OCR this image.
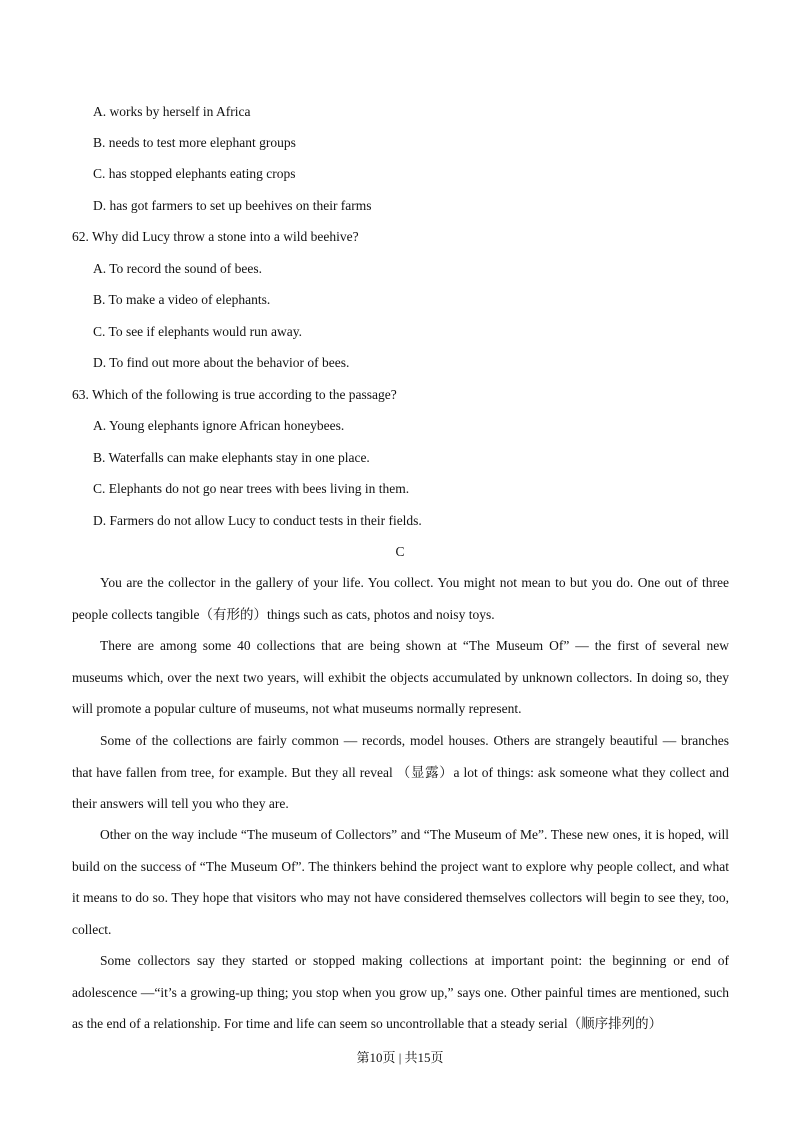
A. works by herself in Africa
B. needs to test more elephant groups
C. has stopped elephants eating crops
D. has got farmers to set up beehives on their farms
62. Why did Lucy throw a stone into a wild beehive?
A. To record the sound of bees.
B. To make a video of elephants.
C. To see if elephants would run away.
D. To find out more about the behavior of bees.
63. Which of the following is true according to the passage?
A. Young elephants ignore African honeybees.
B. Waterfalls can make elephants stay in one place.
C. Elephants do not go near trees with bees living in them.
D. Farmers do not allow Lucy to conduct tests in their fields.
C

You are the collector in the gallery of your life. You collect. You might not mean to but you do. One out of three people collects tangible（有形的）things such as cats, photos and noisy toys.

There are among some 40 collections that are being shown at “The Museum Of” — the first of several new museums which, over the next two years, will exhibit the objects accumulated by unknown collectors. In doing so, they will promote a popular culture of museums, not what museums normally represent.

Some of the collections are fairly common — records, model houses. Others are strangely beautiful — branches that have fallen from tree, for example. But they all reveal （显露）a lot of things: ask someone what they collect and their answers will tell you who they are.

Other on the way include “The museum of Collectors” and “The Museum of Me”. These new ones, it is hoped, will build on the success of “The Museum Of”. The thinkers behind the project want to explore why people collect, and what it means to do so. They hope that visitors who may not have considered themselves collectors will begin to see they, too, collect.

Some collectors say they started or stopped making collections at important point: the beginning or end of adolescence —“it’s a growing-up thing; you stop when you grow up,” says one. Other painful times are mentioned, such as the end of a relationship. For time and life can seem so uncontrollable that a steady serial（顺序排列的）

第10页 | 共15页
